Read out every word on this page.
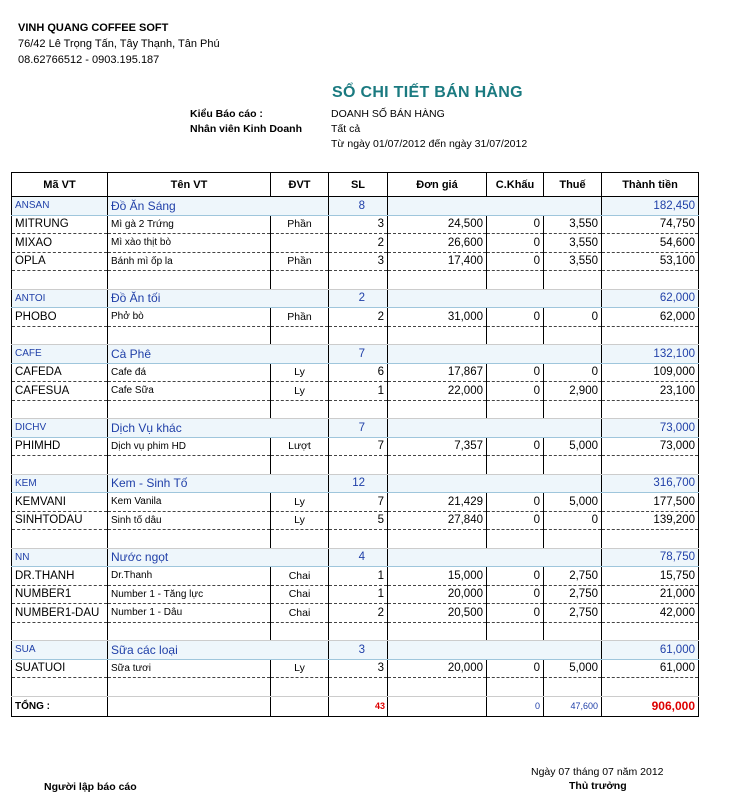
VINH QUANG COFFEE SOFT
76/42 Lê Trọng Tấn, Tây Thạnh, Tân Phú
08.62766512 - 0903.195.187
SỔ CHI TIẾT BÁN HÀNG
Kiểu Báo cáo :	DOANH SỐ BÁN HÀNG
Nhân viên Kinh Doanh	Tất cả
Từ ngày 01/07/2012 đến ngày 31/07/2012
Mã VT	Tên VT	ĐVT	SL	Đơn giá	C.Khấu	Thuế	Thành tiền
ANSAN	Đồ Ăn Sáng		8				182,450
MITRUNG	Mì gà 2 Trứng	Phần	3	24,500	0	3,550	74,750
MIXAO	Mì xào thịt bò		2	26,600	0	3,550	54,600
OPLA	Bánh mì ốp la	Phần	3	17,400	0	3,550	53,100

ANTOI	Đồ Ăn tối		2				62,000
PHOBO	Phở bò	Phần	2	31,000	0	0	62,000

CAFE	Cà Phê		7				132,100
CAFEDA	Cafe đá	Ly	6	17,867	0	0	109,000
CAFESUA	Cafe Sữa	Ly	1	22,000	0	2,900	23,100

DICHV	Dịch Vụ khác		7				73,000
PHIMHD	Dịch vụ phim HD	Lượt	7	7,357	0	5,000	73,000

KEM	Kem - Sinh Tố		12				316,700
KEMVANI	Kem Vanila	Ly	7	21,429	0	5,000	177,500
SINHTODAU	Sinh tố dâu	Ly	5	27,840	0	0	139,200

NN	Nước ngọt		4				78,750
DR.THANH	Dr.Thanh	Chai	1	15,000	0	2,750	15,750
NUMBER1	Number 1 - Tăng lực	Chai	1	20,000	0	2,750	21,000
NUMBER1-DAU	Number 1 - Dâu	Chai	2	20,500	0	2,750	42,000

SUA	Sữa các loại		3				61,000
SUATUOI	Sữa tươi	Ly	3	20,000	0	5,000	61,000

TỔNG :			43		0	47,600	906,000
Ngày 07 tháng 07 năm 2012
Người lập báo cáo	Thủ trưởng
